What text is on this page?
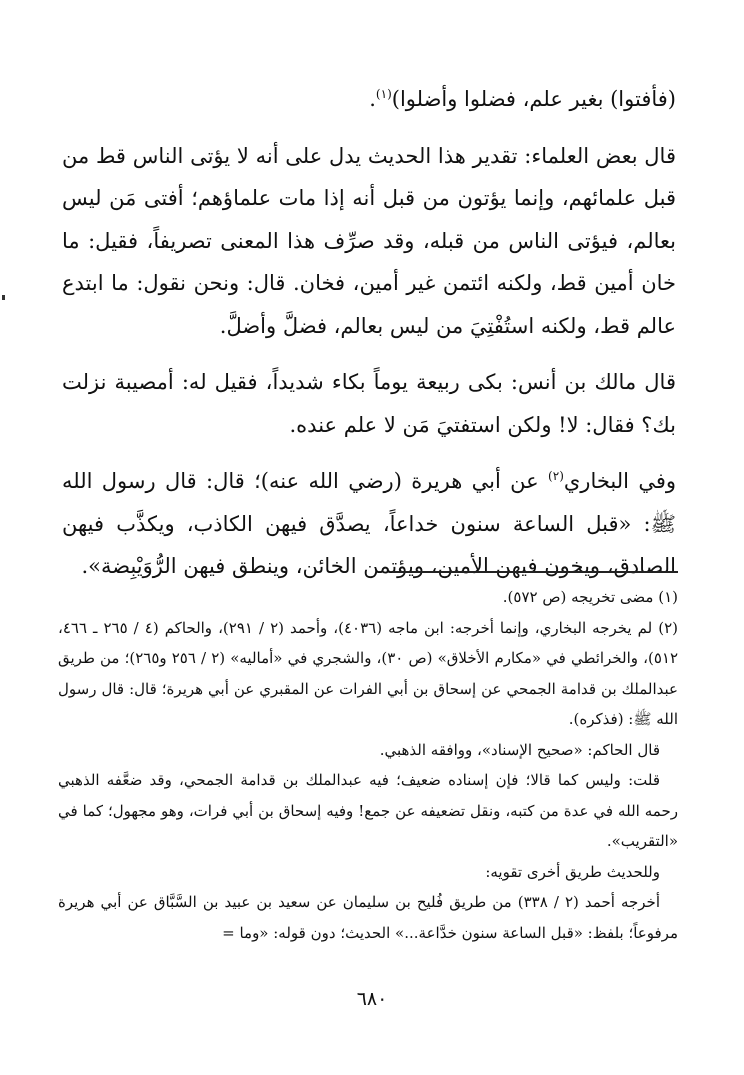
(فأفتوا) بغير علم، فضلوا وأضلوا)$^{(١)}$.

قال بعض العلماء: تقدير هذا الحديث يدل على أنه لا يؤتى الناس قط من قبل علمائهم، وإنما يؤتون من قبل أنه إذا مات علماؤهم؛ أفتى مَن ليس بعالم، فيؤتى الناس من قبله، وقد صرِّف هذا المعنى تصريفاً، فقيل: ما خان أمين قط، ولكنه ائتمن غير أمين، فخان. قال: ونحن نقول: ما ابتدع عالم قط، ولكنه استُفْتِيَ من ليس بعالم، فضلَّ وأضلَّ.

قال مالك بن أنس: بكى ربيعة يوماً بكاء شديداً، فقيل له: أمصيبة نزلت بك؟ فقال: لا! ولكن استفتيَ مَن لا علم عنده.

وفي البخاري$^{(٢)}$ عن أبي هريرة (رضي الله عنه)؛ قال: قال رسول الله ﷺ: «قبل الساعة سنون خداعاً، يصدَّق فيهن الكاذب، ويكذَّب فيهن الصادق، ويخون فيهن الأمين، ويؤتمن الخائن، وينطق فيهن الرُّوَيْبِضة».

(١) مضى تخريجه (ص ٥٧٢).

(٢) لم يخرجه البخاري، وإنما أخرجه: ابن ماجه (٤٠٣٦)، وأحمد (٢ / ٢٩١)، والحاكم (٤ / ٢٦٥ ـ ٤٦٦، ٥١٢)، والخرائطي في «مكارم الأخلاق» (ص ٣٠)، والشجري في «أماليه» (٢ / ٢٥٦ و٢٦٥)؛ من طريق عبدالملك بن قدامة الجمحي عن إسحاق بن أبي الفرات عن المقبري عن أبي هريرة؛ قال: قال رسول الله ﷺ: (فذكره).

قال الحاكم: «صحيح الإسناد»، ووافقه الذهبي.

قلت: وليس كما قالا؛ فإن إسناده ضعيف؛ فيه عبدالملك بن قدامة الجمحي، وقد ضعَّفه الذهبي رحمه الله في عدة من كتبه، ونقل تضعيفه عن جمع! وفيه إسحاق بن أبي فرات، وهو مجهول؛ كما في «التقريب».

وللحديث طريق أخرى تقويه:

أخرجه أحمد (٢ / ٣٣٨) من طريق فُليح بن سليمان عن سعيد بن عبيد بن السَّبَّاق عن أبي هريرة مرفوعاً؛ بلفظ: «قبل الساعة سنون خدَّاعة...» الحديث؛ دون قوله: «وما =

٦٨٠
